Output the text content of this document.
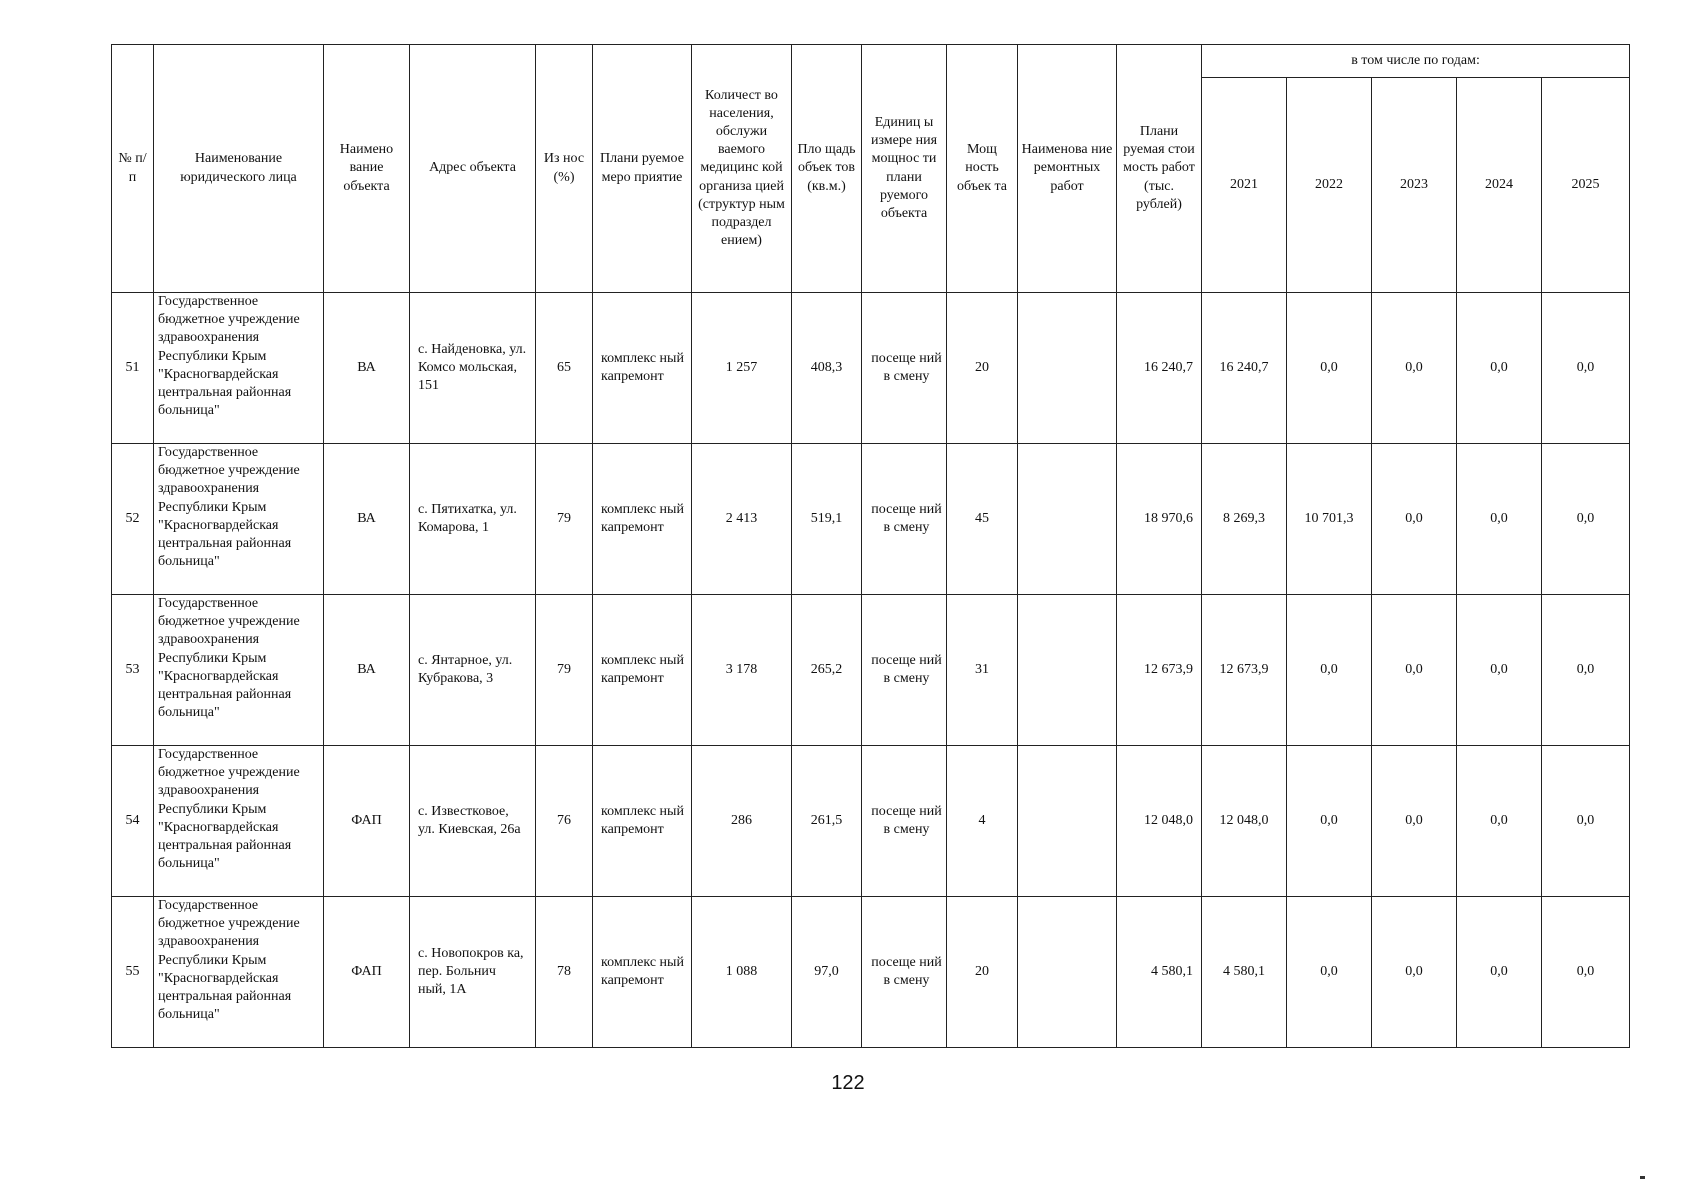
№ п/п	Наименование юридического лица	Наимено вание объекта	Адрес объекта	Из нос (%)	Плани руемое меро приятие	Количест во населения, обслужи ваемого медицинс кой организа цией (структур ным подраздел ением)	Пло щадь объек тов (кв.м.)	Единиц ы измере ния мощнос ти плани руемого объекта	Мощ ность объек та	Наименова ние ремонтных работ	Плани руемая стои мость работ (тыс. рублей)	в том числе по годам:				
												2021	2022	2023	2024	2025
51	Государственное бюджетное учреждение здравоохранения Республики Крым "Красногвардейская центральная районная больница"	ВА	с. Найденовка, ул. Комсо мольская, 151	65	комплекс ный капремонт	1 257	408,3	посеще ний в смену	20		16 240,7	16 240,7	0,0	0,0	0,0	0,0
52	Государственное бюджетное учреждение здравоохранения Республики Крым "Красногвардейская центральная районная больница"	ВА	с. Пятихатка, ул. Комарова, 1	79	комплекс ный капремонт	2 413	519,1	посеще ний в смену	45		18 970,6	8 269,3	10 701,3	0,0	0,0	0,0
53	Государственное бюджетное учреждение здравоохранения Республики Крым "Красногвардейская центральная районная больница"	ВА	с. Янтарное, ул. Кубракова, 3	79	комплекс ный капремонт	3 178	265,2	посеще ний в смену	31		12 673,9	12 673,9	0,0	0,0	0,0	0,0
54	Государственное бюджетное учреждение здравоохранения Республики Крым "Красногвардейская центральная районная больница"	ФАП	с. Известковое, ул. Киевская, 26а	76	комплекс ный капремонт	286	261,5	посеще ний в смену	4		12 048,0	12 048,0	0,0	0,0	0,0	0,0
55	Государственное бюджетное учреждение здравоохранения Республики Крым "Красногвардейская центральная районная больница"	ФАП	с. Новопокров ка, пер. Больнич ный, 1А	78	комплекс ный капремонт	1 088	97,0	посеще ний в смену	20		4 580,1	4 580,1	0,0	0,0	0,0	0,0
122
